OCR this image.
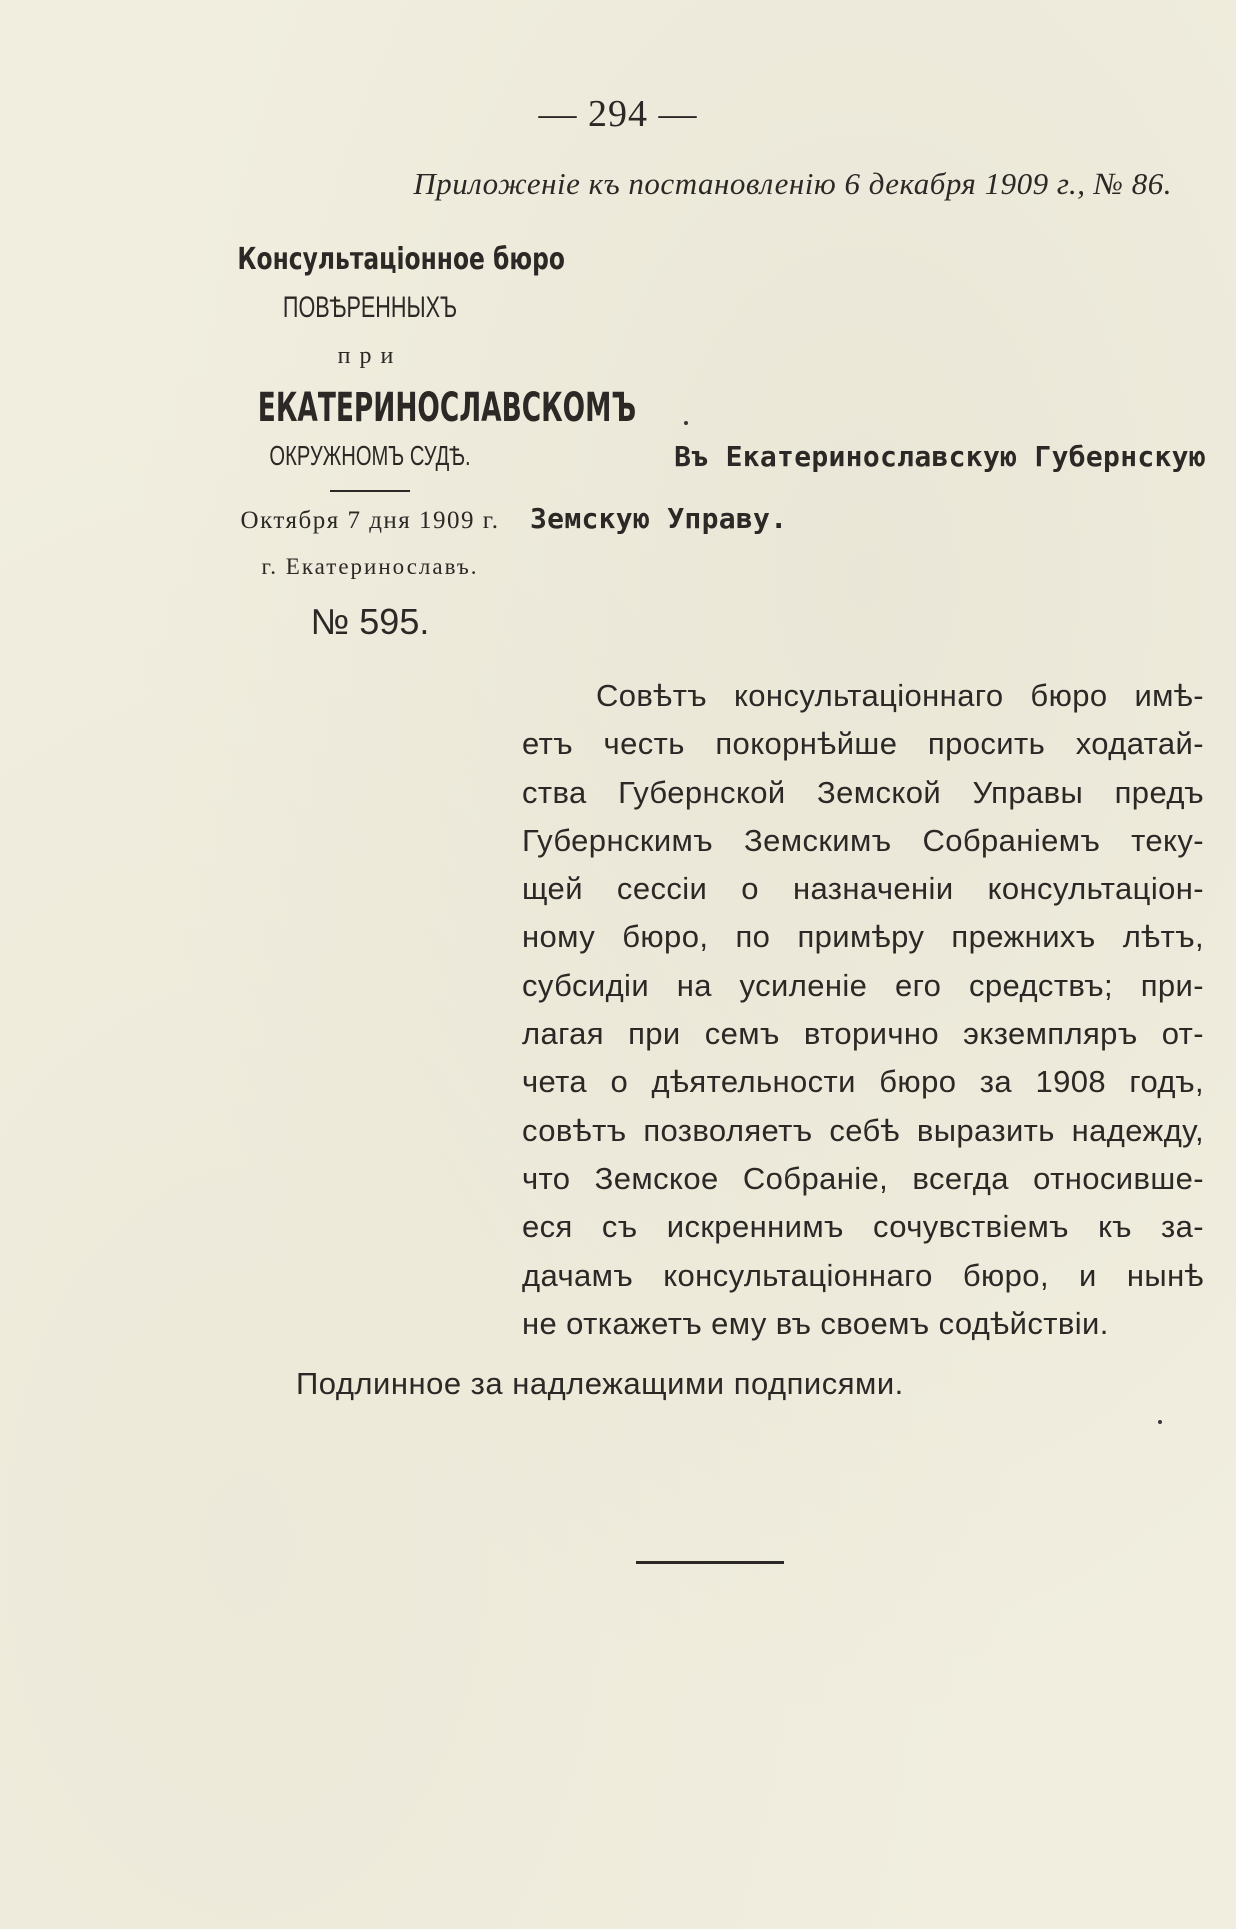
— 294 —
Приложеніе къ постановленію 6 декабря 1909 г., № 86.
Консультаціонное бюро
ПОВѢРЕННЫХЪ
при
ЕКАТЕРИНОСЛАВСКОМЪ
ОКРУЖНОМЪ СУДѢ.
Октября 7 дня 1909 г.
г. Екатеринославъ.
№ 595.
Въ Екатеринославскую Губернскую
Земскую Управу.
Совѣтъ консультаціоннаго бюро имѣ-
етъ честь покорнѣйше просить ходатай-
ства Губернской Земской Управы предъ
Губернскимъ Земскимъ Собраніемъ теку-
щей сессіи о назначеніи консультаціон-
ному бюро, по примѣру прежнихъ лѣтъ,
субсидіи на усиленіе его средствъ; при-
лагая при семъ вторично экземпляръ от-
чета о дѣятельности бюро за 1908 годъ,
совѣтъ позволяетъ себѣ выразить надежду,
что Земское Собраніе, всегда относивше-
еся съ искреннимъ сочувствіемъ къ за-
дачамъ консультаціоннаго бюро, и нынѣ
не откажетъ ему въ своемъ содѣйствіи.
Подлинное за надлежащими подписями.
